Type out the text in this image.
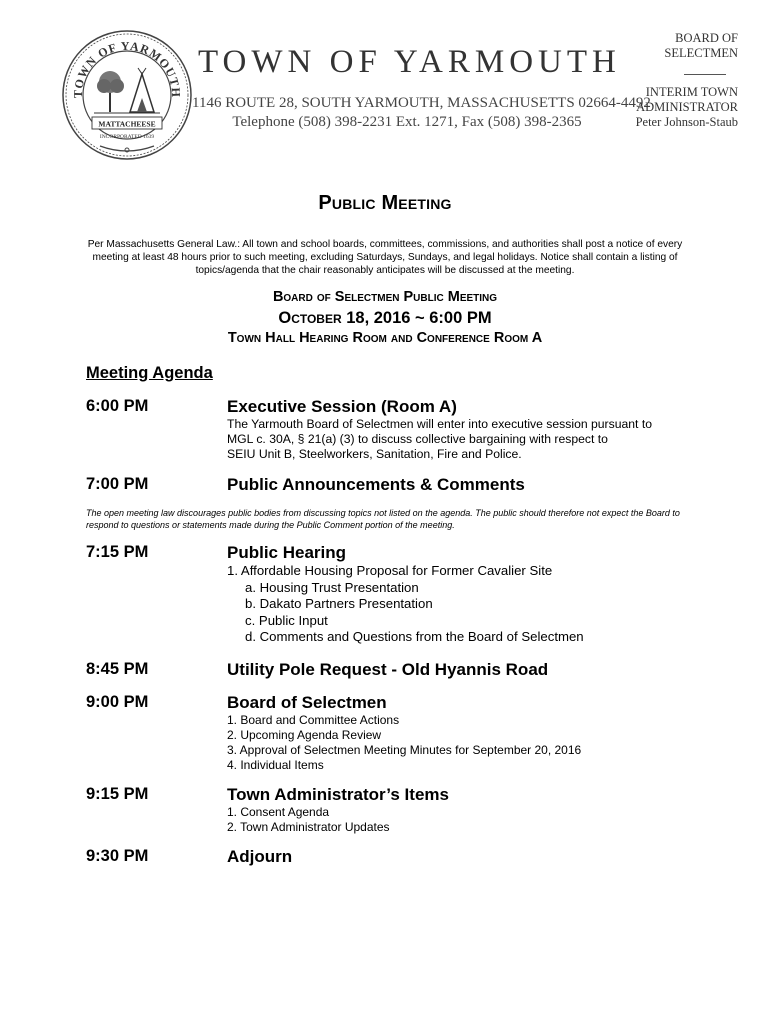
TOWN OF YARMOUTH
MATTACHEESE
INCORPORATED 1639
TOWN OF YARMOUTH
1146 ROUTE 28, SOUTH YARMOUTH, MASSACHUSETTS 02664-4492
Telephone (508) 398-2231 Ext. 1271, Fax (508) 398-2365
BOARD OF
SELECTMEN
INTERIM TOWN
ADMINISTRATOR
Peter Johnson-Staub
Public Meeting
Per Massachusetts General Law.: All town and school boards, committees, commissions, and authorities shall post a notice of every meeting at least 48 hours prior to such meeting, excluding Saturdays, Sundays, and legal holidays. Notice shall contain a listing of topics/agenda that the chair reasonably anticipates will be discussed at the meeting.
Board of Selectmen Public Meeting
October 18, 2016 ~ 6:00 PM
Town Hall Hearing Room and Conference Room A
Meeting Agenda
6:00 PM	Executive Session (Room A)
The Yarmouth Board of Selectmen will enter into executive session pursuant to
MGL c. 30A, § 21(a) (3) to discuss collective bargaining with respect to
SEIU Unit B, Steelworkers, Sanitation, Fire and Police.
7:00 PM	Public Announcements & Comments
The open meeting law discourages public bodies from discussing topics not listed on the agenda. The public should therefore not expect the Board to respond to questions or statements made during the Public Comment portion of the meeting.
7:15 PM	Public Hearing
1. Affordable Housing Proposal for Former Cavalier Site
a. Housing Trust Presentation
b. Dakato Partners Presentation
c. Public Input
d. Comments and Questions from the Board of Selectmen
8:45 PM	Utility Pole Request - Old Hyannis Road
9:00 PM	Board of Selectmen
1. Board and Committee Actions
2. Upcoming Agenda Review
3. Approval of Selectmen Meeting Minutes for September 20, 2016
4. Individual Items
9:15 PM	Town Administrator’s Items
1. Consent Agenda
2. Town Administrator Updates
9:30 PM	Adjourn
